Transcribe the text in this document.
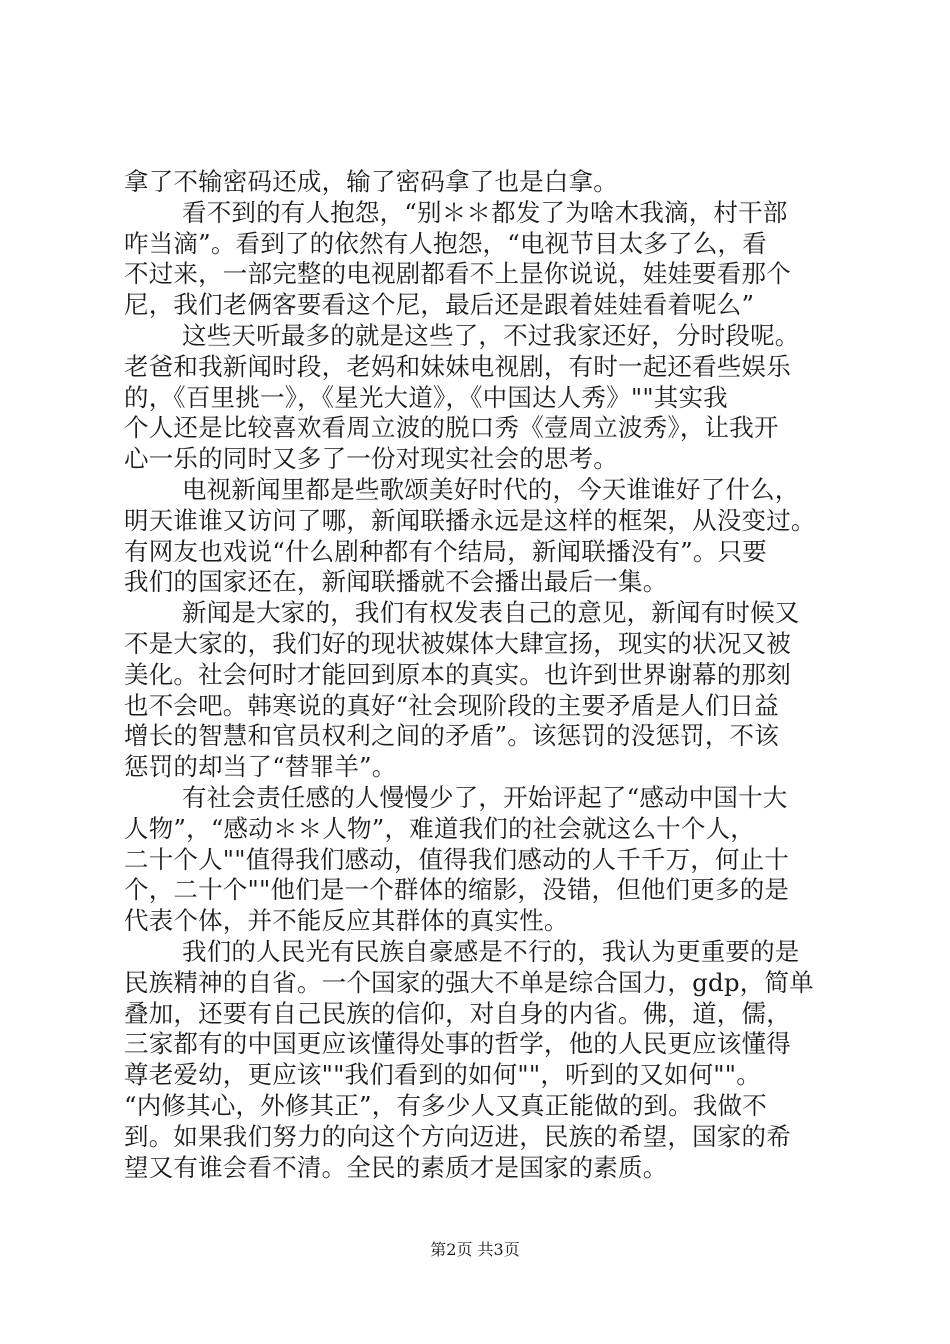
拿了不输密码还成，输了密码拿了也是白拿。
看不到的有人抱怨，“别＊＊都发了为啥木我滴，村干部
咋当滴”。看到了的依然有人抱怨，“电视节目太多了么，看
不过来，一部完整的电视剧都看不上昰你说说，娃娃要看那个
尼，我们老俩客要看这个尼，最后还是跟着娃娃看着呢么”
这些天听最多的就是这些了，不过我家还好，分时段呢。
老爸和我新闻时段，老妈和妹妹电视剧，有时一起还看些娱乐
的，《百里挑一》，《星光大道》，《中国达人秀》""其实我
个人还是比较喜欢看周立波的脱口秀《壹周立波秀》，让我开
心一乐的同时又多了一份对现实社会的思考。
电视新闻里都是些歌颂美好时代的，今天谁谁好了什么，
明天谁谁又访问了哪，新闻联播永远是这样的框架，从没变过。
有网友也戏说“什么剧种都有个结局，新闻联播没有”。只要
我们的国家还在，新闻联播就不会播出最后一集。
新闻是大家的，我们有权发表自己的意见，新闻有时候又
不是大家的，我们好的现状被媒体大肆宣扬，现实的状况又被
美化。社会何时才能回到原本的真实。也许到世界谢幕的那刻
也不会吧。韩寒说的真好“社会现阶段的主要矛盾是人们日益
增长的智慧和官员权利之间的矛盾”。该惩罚的没惩罚，不该
惩罚的却当了“替罪羊”。
有社会责任感的人慢慢少了，开始评起了“感动中国十大
人物”，“感动＊＊人物”，难道我们的社会就这么十个人，
二十个人""值得我们感动，值得我们感动的人千千万，何止十
个，二十个""他们是一个群体的缩影，没错，但他们更多的是
代表个体，并不能反应其群体的真实性。
我们的人民光有民族自豪感是不行的，我认为更重要的是
民族精神的自省。一个国家的强大不单是综合国力，gdp，简单
叠加，还要有自己民族的信仰，对自身的内省。佛，道，儒，
三家都有的中国更应该懂得处事的哲学，他的人民更应该懂得
尊老爱幼，更应该""我们看到的如何""，听到的又如何""。
“内修其心，外修其正”，有多少人又真正能做的到。我做不
到。如果我们努力的向这个方向迈进，民族的希望，国家的希
望又有谁会看不清。全民的素质才是国家的素质。
第2页 共3页
